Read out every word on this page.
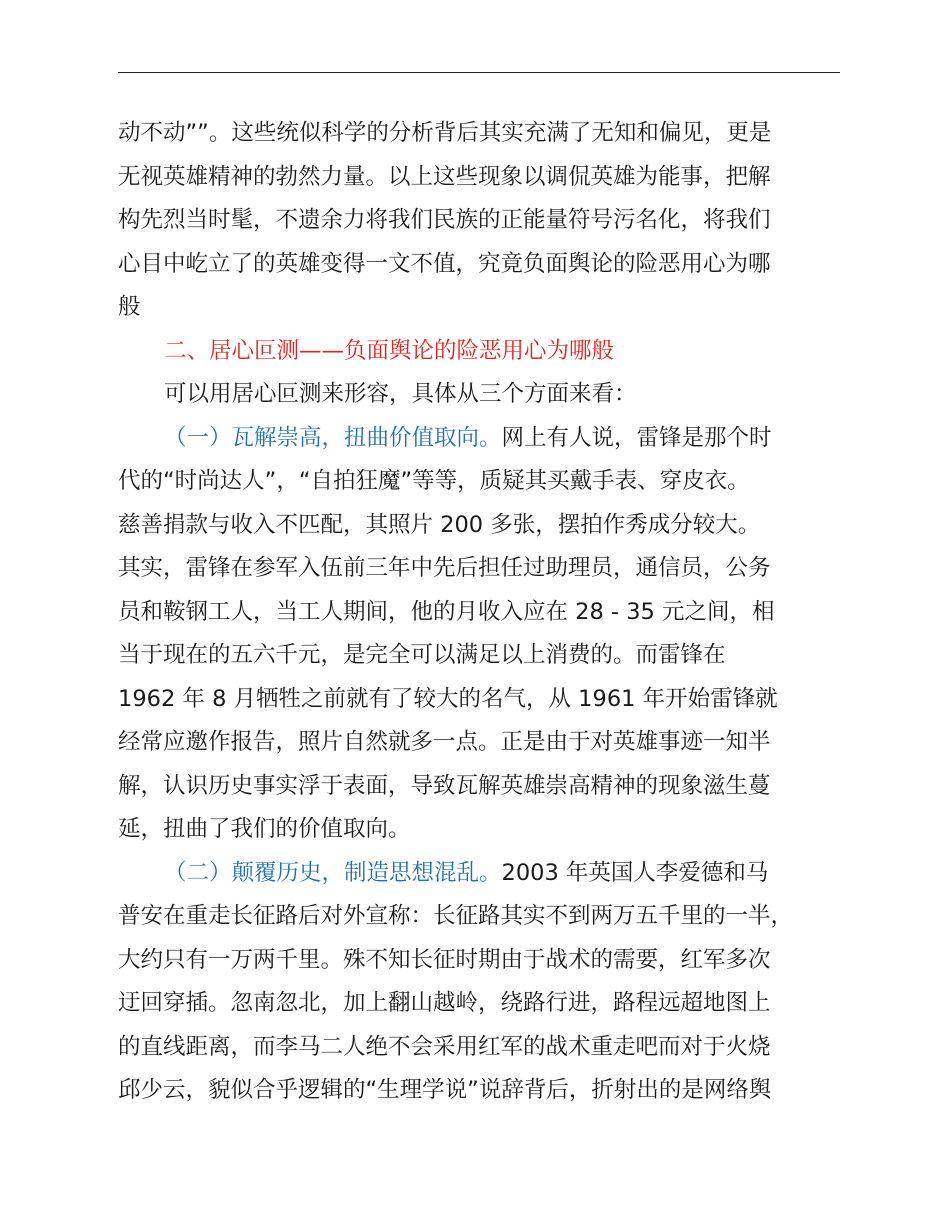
动不动””。这些统似科学的分析背后其实充满了无知和偏见，更是
无视英雄精神的勃然力量。以上这些现象以调侃英雄为能事，把解
构先烈当时髦，不遗余力将我们民族的正能量符号污名化，将我们
心目中屹立了的英雄变得一文不值，究竟负面舆论的险恶用心为哪
般
二、居心叵测——负面舆论的险恶用心为哪般
可以用居心叵测来形容，具体从三个方面来看：
（一）瓦解崇高，扭曲价值取向。网上有人说，雷锋是那个时
代的“时尚达人”，“自拍狂魔”等等，质疑其买戴手表、穿皮衣。
慈善捐款与收入不匹配，其照片 200 多张，摆拍作秀成分较大。
其实，雷锋在参军入伍前三年中先后担任过助理员，通信员，公务
员和鞍钢工人，当工人期间，他的月收入应在 28 - 35 元之间，相
当于现在的五六千元，是完全可以满足以上消费的。而雷锋在
1962 年 8 月牺牲之前就有了较大的名气，从 1961 年开始雷锋就
经常应邀作报告，照片自然就多一点。正是由于对英雄事迹一知半
解，认识历史事实浮于表面，导致瓦解英雄崇高精神的现象滋生蔓
延，扭曲了我们的价值取向。
（二）颠覆历史，制造思想混乱。2003 年英国人李爱德和马
普安在重走长征路后对外宣称：长征路其实不到两万五千里的一半，
大约只有一万两千里。殊不知长征时期由于战术的需要，红军多次
迂回穿插。忽南忽北，加上翻山越岭，绕路行进，路程远超地图上
的直线距离，而李马二人绝不会采用红军的战术重走吧而对于火烧
邱少云，貌似合乎逻辑的“生理学说”说辞背后，折射出的是网络舆
